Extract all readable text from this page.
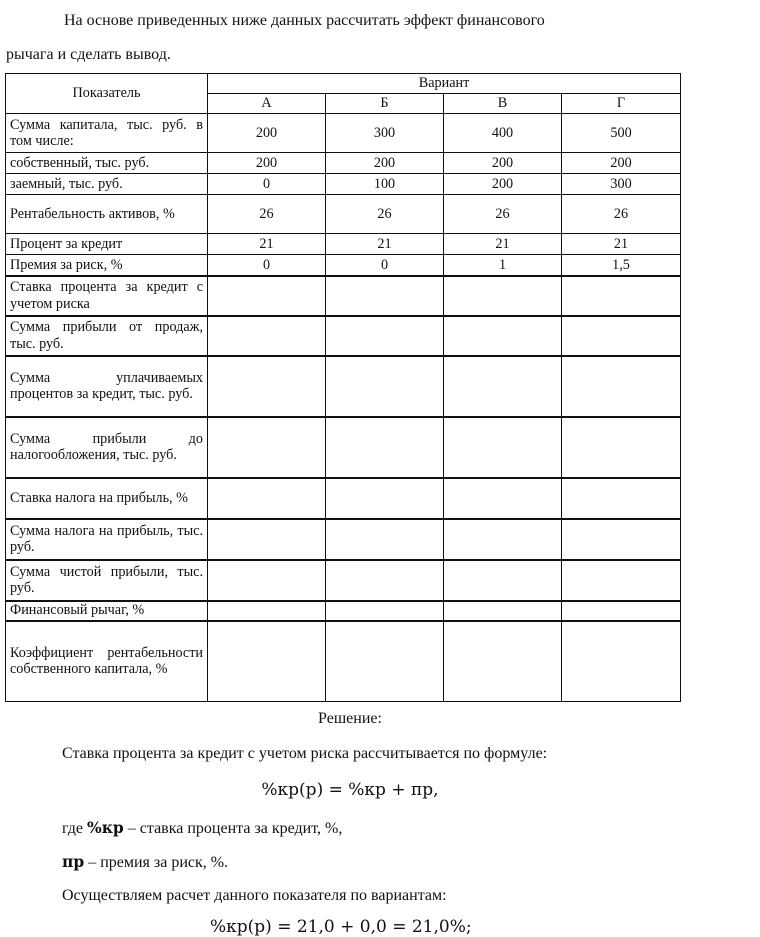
На основе приведенных ниже данных рассчитать эффект финансового
рычага и сделать вывод.
Показатель	Вариант			
	А	Б	В	Г
Сумма капитала, тыс. руб. в том числе:	200	300	400	500
собственный, тыс. руб.	200	200	200	200
заемный, тыс. руб.	0	100	200	300
Рентабельность активов, %	26	26	26	26
Процент за кредит	21	21	21	21
Премия за риск, %	0	0	1	1,5
Ставка процента за кредит с учетом риска				
Сумма прибыли от продаж, тыс. руб.				
Сумма уплачиваемых процентов за кредит, тыс. руб.				
Сумма прибыли до налогообложения, тыс. руб.				
Ставка налога на прибыль, %				
Сумма налога на прибыль, тыс. руб.				
Сумма чистой прибыли, тыс. руб.				
Финансовый рычаг, %				
Коэффициент рентабельности собственного капитала, %				
Решение:
Ставка процента за кредит с учетом риска рассчитывается по формуле:
%кр(р) = %кр + пр,
где %кр – ставка процента за кредит, %,
пр – премия за риск, %.
Осуществляем расчет данного показателя по вариантам:
%кр(р) = 21,0 + 0,0 = 21,0%;
